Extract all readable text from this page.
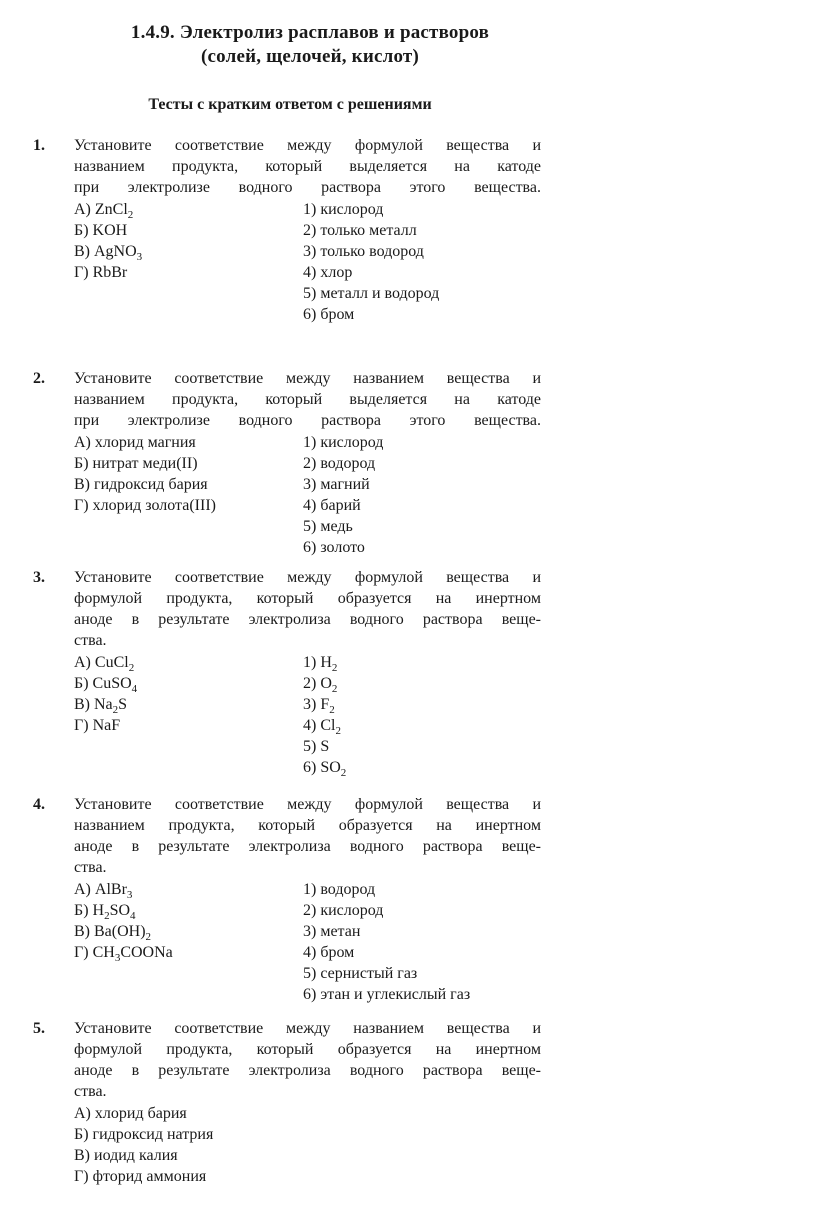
1.4.9. Электролиз расплавов и растворов
(солей, щелочей, кислот)
Тесты с кратким ответом с решениями
1. Установите соответствие между формулой вещества и
названием продукта, который выделяется на катоде
при электролизе водного раствора этого вещества.
А) ZnCl$_2$
Б) KOH
В) AgNO$_3$
Г) RbBr
1) кислород
2) только металл
3) только водород
4) хлор
5) металл и водород
6) бром
2. Установите соответствие между названием вещества и
названием продукта, который выделяется на катоде
при электролизе водного раствора этого вещества.
А) хлорид магния
Б) нитрат меди(II)
В) гидроксид бария
Г) хлорид золота(III)
1) кислород
2) водород
3) магний
4) барий
5) медь
6) золото
3. Установите соответствие между формулой вещества и
формулой продукта, который образуется на инертном
аноде в результате электролиза водного раствора веще-
ства.
А) CuCl$_2$
Б) CuSO$_4$
В) $Na_2S$
Г) NaF
1) $H_2$
2) $O_2$
3) $F_2$
4) $Cl_2$
5) S
6) $SO_2$
4. Установите соответствие между формулой вещества и
названием продукта, который образуется на инертном
аноде в результате электролиза водного раствора веще-
ства.
А) AlBr$_3$
Б) $H_2SO_4$
В) $Ba(OH)_2$
Г) $CH_3COONa$
1) водород
2) кислород
3) метан
4) бром
5) сернистый газ
6) этан и углекислый газ
5. Установите соответствие между названием вещества и
формулой продукта, который образуется на инертном
аноде в результате электролиза водного раствора веще-
ства.
А) хлорид бария
Б) гидроксид натрия
В) иодид калия
Г) фторид аммония
